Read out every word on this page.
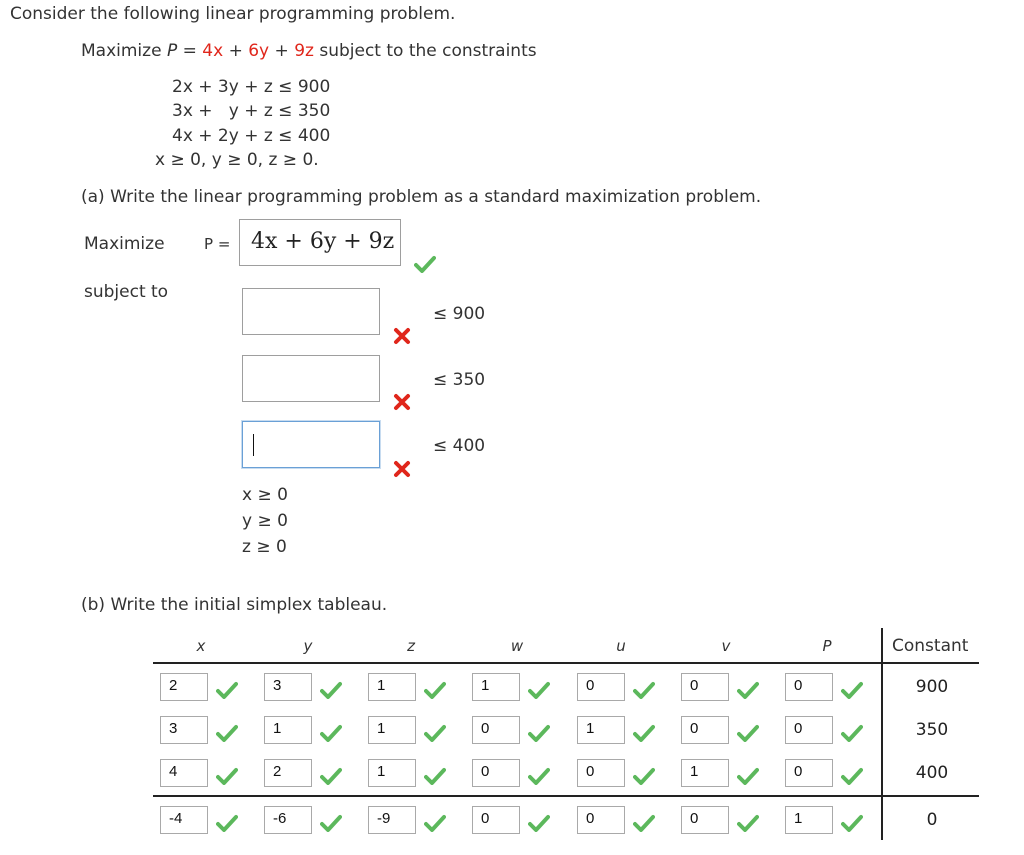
Consider the following linear programming problem.
Maximize P = 4x + 6y + 9z subject to the constraints
2x + 3y + z ≤ 900
3x +   y + z ≤ 350
4x + 2y + z ≤ 400
x ≥ 0, y ≥ 0, z ≥ 0.
(a) Write the linear programming problem as a standard maximization problem.
Maximize	P = 4x + 6y + 9z
subject to
≤ 900
≤ 350
≤ 400
x ≥ 0
y ≥ 0
z ≥ 0
(b) Write the initial simplex tableau.
x	y	z	w	u	v	P	Constant
2	3	1	1	0	0	0	900
3	1	1	0	1	0	0	350
4	2	1	0	0	1	0	400
-4	-6	-9	0	0	0	1	0
